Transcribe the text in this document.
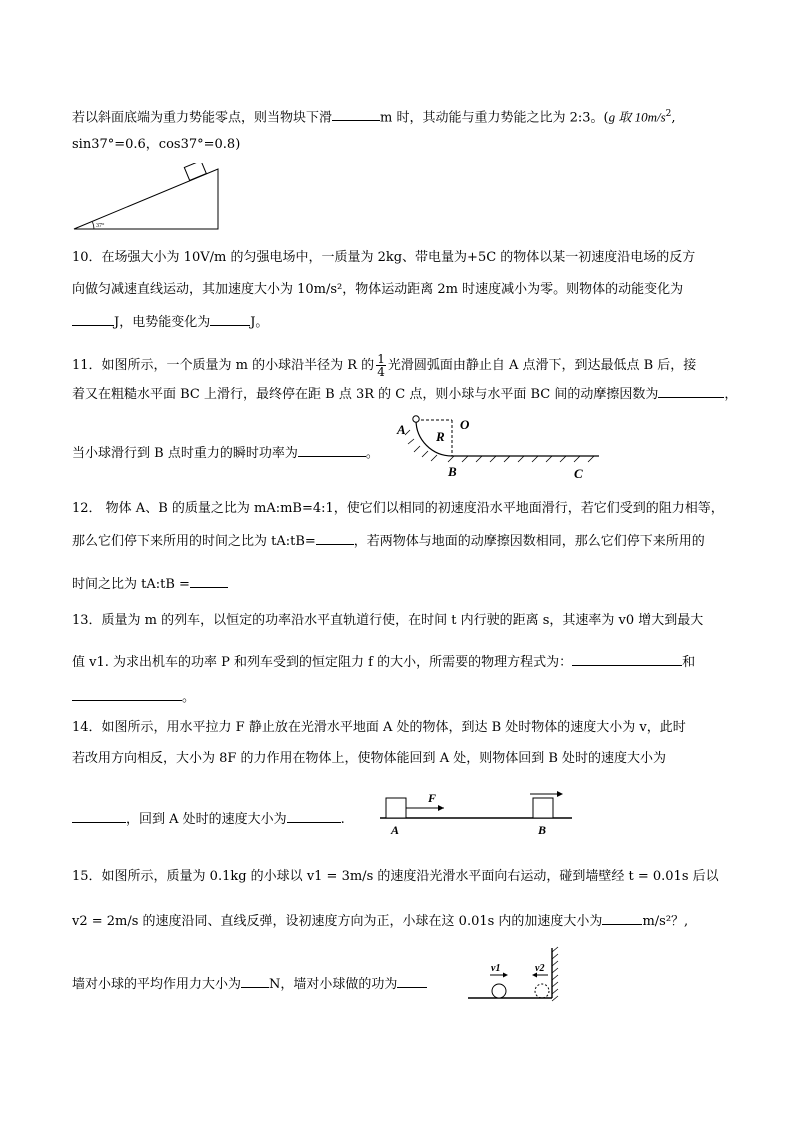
若以斜面底端为重力势能零点，则当物块下滑	m 时，其动能与重力势能之比为 2:3。(g 取 $10m/s^2$,
sin37°=0.6，cos37°=0.8)
37°
10．在场强大小为 10V/m 的匀强电场中，一质量为 2kg、带电量为+5C 的物体以某一初速度沿电场的反方
向做匀减速直线运动，其加速度大小为 10m/s²，物体运动距离 2m 时速度减小为零。则物体的动能变化为
J，电势能变化为	J。
11．如图所示，一个质量为 m 的小球沿半径为 R 的 $\frac{1}{4}$ 光滑圆弧面由静止自 A 点滑下，到达最低点 B 后，接
着又在粗糙水平面 BC 上滑行，最终停在距 B 点 3R 的 C 点，则小球与水平面 BC 间的动摩擦因数为	，
当小球滑行到 B 点时重力的瞬时功率为	。
A R
O
B	C
12． 物体 A、B 的质量之比为 mA:mB=4:1，使它们以相同的初速度沿水平地面滑行，若它们受到的阻力相等，
那么它们停下来所用的时间之比为 tA:tB=	，若两物体与地面的动摩擦因数相同，那么它们停下来所用的
时间之比为 tA:tB =
13．质量为 m 的列车，以恒定的功率沿水平直轨道行使，在时间 t 内行驶的距离 s，其速率为 v0 增大到最大
值 v1. 为求出机车的功率 P 和列车受到的恒定阻力 f 的大小，所需要的物理方程式为：	和
。
14．如图所示，用水平拉力 F 静止放在光滑水平地面 A 处的物体，到达 B 处时物体的速度大小为 v，此时
若改用方向相反，大小为 8F 的力作用在物体上，使物体能回到 A 处，则物体回到 B 处时的速度大小为
，回到 A 处时的速度大小为	.
F
A	B
15．如图所示，质量为 0.1kg 的小球以 v1 = 3m/s 的速度沿光滑水平面向右运动，碰到墙壁经 t = 0.01s 后以
v2 = 2m/s 的速度沿同、直线反弹，设初速度方向为正，小球在这 0.01s 内的加速度大小为	m/s²？,
墙对小球的平均作用力大小为 N，墙对小球做的功为
v1	v2
